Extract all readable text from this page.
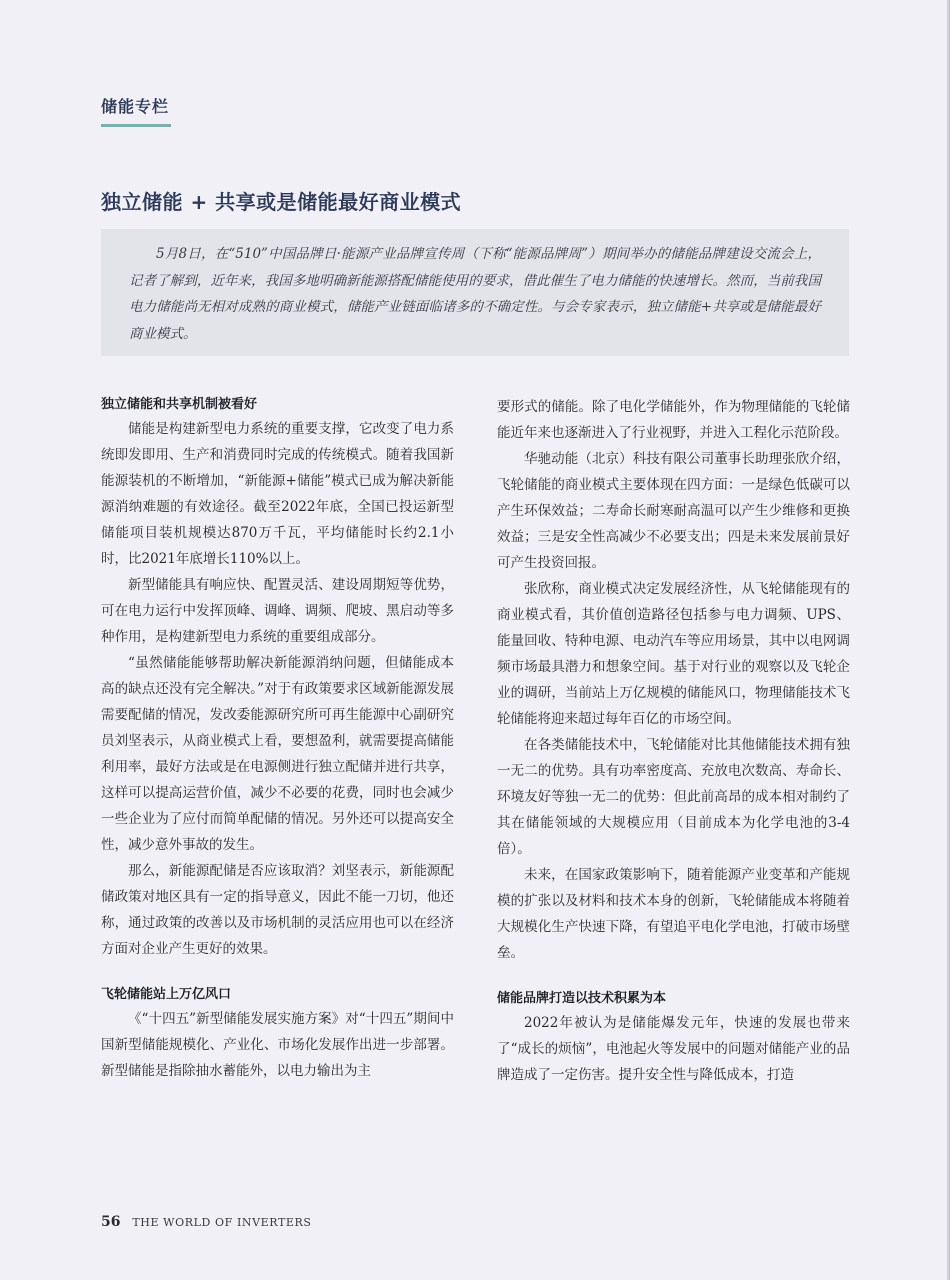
储能专栏
独立储能 + 共享或是储能最好商业模式

5月8日，在“510”中国品牌日·能源产业品牌宣传周（下称“能源品牌周”）期间举办的储能品牌建设交流会上，记者了解到，近年来，我国多地明确新能源搭配储能使用的要求，借此催生了电力储能的快速增长。然而，当前我国电力储能尚无相对成熟的商业模式，储能产业链面临诸多的不确定性。与会专家表示，独立储能+共享或是储能最好商业模式。

独立储能和共享机制被看好

储能是构建新型电力系统的重要支撑，它改变了电力系统即发即用、生产和消费同时完成的传统模式。随着我国新能源装机的不断增加，“新能源+储能”模式已成为解决新能源消纳难题的有效途径。截至2022年底，全国已投运新型储能项目装机规模达870万千瓦，平均储能时长约2.1小时，比2021年底增长110%以上。

新型储能具有响应快、配置灵活、建设周期短等优势，可在电力运行中发挥顶峰、调峰、调频、爬坡、黑启动等多种作用，是构建新型电力系统的重要组成部分。

“虽然储能能够帮助解决新能源消纳问题，但储能成本高的缺点还没有完全解决。”对于有政策要求区域新能源发展需要配储的情况，发改委能源研究所可再生能源中心副研究员刘坚表示，从商业模式上看，要想盈利，就需要提高储能利用率，最好方法或是在电源侧进行独立配储并进行共享，这样可以提高运营价值，减少不必要的花费，同时也会减少一些企业为了应付而简单配储的情况。另外还可以提高安全性，减少意外事故的发生。

那么，新能源配储是否应该取消？刘坚表示，新能源配储政策对地区具有一定的指导意义，因此不能一刀切，他还称，通过政策的改善以及市场机制的灵活应用也可以在经济方面对企业产生更好的效果。

飞轮储能站上万亿风口

《“十四五”新型储能发展实施方案》对“十四五”期间中国新型储能规模化、产业化、市场化发展作出进一步部署。新型储能是指除抽水蓄能外，以电力输出为主

要形式的储能。除了电化学储能外，作为物理储能的飞轮储能近年来也逐渐进入了行业视野，并进入工程化示范阶段。

华驰动能（北京）科技有限公司董事长助理张欣介绍，飞轮储能的商业模式主要体现在四方面：一是绿色低碳可以产生环保效益；二寿命长耐寒耐高温可以产生少维修和更换效益；三是安全性高减少不必要支出；四是未来发展前景好可产生投资回报。

张欣称，商业模式决定发展经济性，从飞轮储能现有的商业模式看，其价值创造路径包括参与电力调频、UPS、能量回收、特种电源、电动汽车等应用场景，其中以电网调频市场最具潜力和想象空间。基于对行业的观察以及飞轮企业的调研，当前站上万亿规模的储能风口，物理储能技术飞轮储能将迎来超过每年百亿的市场空间。

在各类储能技术中，飞轮储能对比其他储能技术拥有独一无二的优势。具有功率密度高、充放电次数高、寿命长、环境友好等独一无二的优势：但此前高昂的成本相对制约了其在储能领域的大规模应用（目前成本为化学电池的3-4倍）。

未来，在国家政策影响下，随着能源产业变革和产能规模的扩张以及材料和技术本身的创新，飞轮储能成本将随着大规模化生产快速下降，有望追平电化学电池，打破市场壁垒。

储能品牌打造以技术积累为本

2022年被认为是储能爆发元年，快速的发展也带来了“成长的烦恼”，电池起火等发展中的问题对储能产业的品牌造成了一定伤害。提升安全性与降低成本，打造

56 THE WORLD OF INVERTERS
